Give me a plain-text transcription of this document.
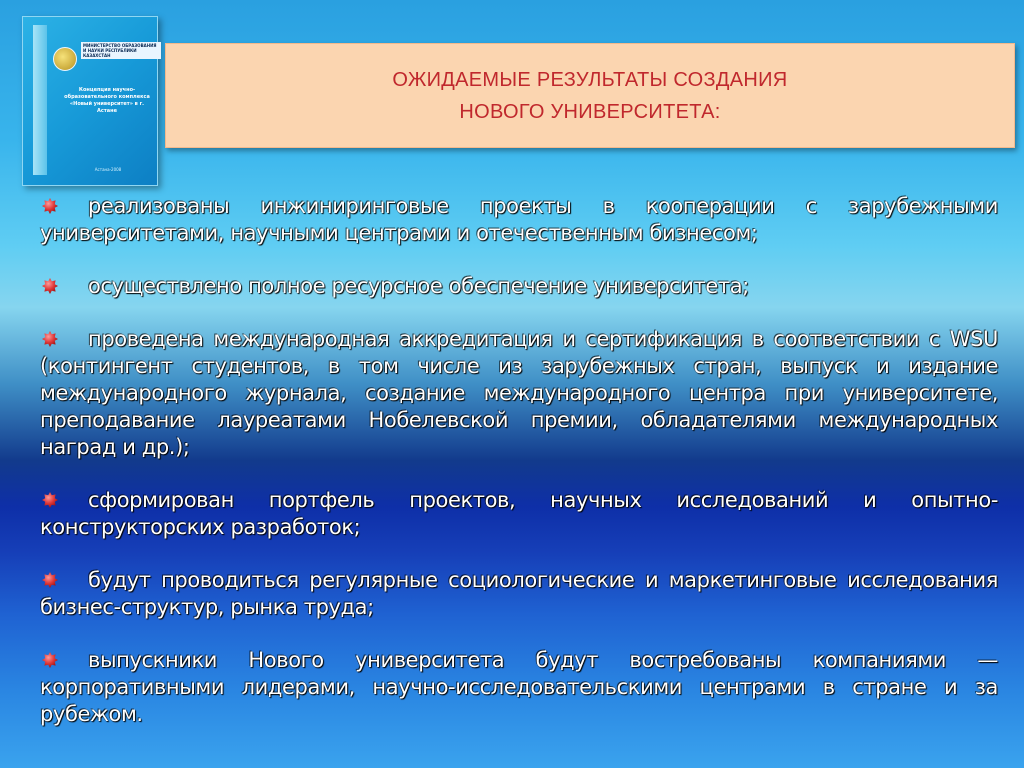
МИНИСТЕРСТВО ОБРАЗОВАНИЯ И НАУКИ РЕСПУБЛИКИ КАЗАХСТАН
Концепция научно-образовательного комплекса «Новый университет» в г. Астане
Астана-2008
ОЖИДАЕМЫЕ РЕЗУЛЬТАТЫ СОЗДАНИЯ
НОВОГО УНИВЕРСИТЕТА:
реализованы инжиниринговые проекты в кооперации с зарубежными университетами, научными центрами и отечественным бизнесом;
осуществлено полное ресурсное обеспечение университета;
проведена международная аккредитация и сертификация в соответствии с WSU (контингент студентов, в том числе из зарубежных стран, выпуск и издание международного журнала, создание международного центра при университете, преподавание лауреатами Нобелевской премии, обладателями международных наград и др.);
сформирован портфель проектов, научных исследований и опытно-конструкторских разработок;
будут проводиться регулярные социологические и маркетинговые исследования бизнес-структур, рынка труда;
выпускники Нового университета будут востребованы компаниями — корпоративными лидерами, научно-исследовательскими центрами в стране и за рубежом.
